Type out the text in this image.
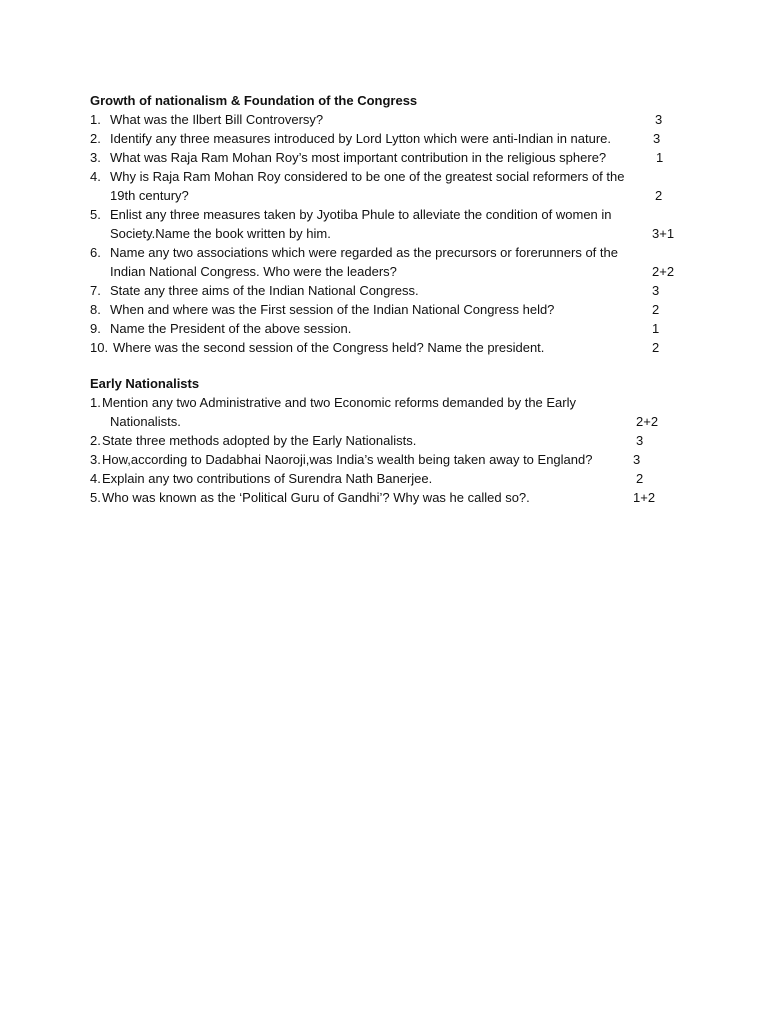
Growth of nationalism & Foundation of the Congress
1. What was the Ilbert Bill Controversy?	3
2. Identify any three measures introduced by Lord Lytton which were anti-Indian in nature.	3
3. What was Raja Ram Mohan Roy’s most important contribution in the religious sphere?	1
4. Why is Raja Ram Mohan Roy considered to be one of the greatest social reformers of the
19th century?	2
5. Enlist any three measures taken by Jyotiba Phule to alleviate the condition of women in
Society.Name the book written by him.	3+1
6. Name any two associations which were regarded as the precursors or forerunners of the
Indian National Congress. Who were the leaders?	2+2
7. State any three aims of the Indian National Congress.	3
8. When and where was the First session of the Indian National Congress held?	2
9. Name the President of the above session.	1
10. Where was the second session of the Congress held? Name the president.	2
Early Nationalists
1. Mention any two Administrative and two Economic reforms demanded by the Early
Nationalists.	2+2
2. State three methods adopted by the Early Nationalists.	3
3. How,according to Dadabhai Naoroji,was India’s wealth being taken away to England?	3
4. Explain any two contributions of Surendra Nath Banerjee.	2
5. Who was known as the ‘Political Guru of Gandhi’? Why was he called so?.	1+2
